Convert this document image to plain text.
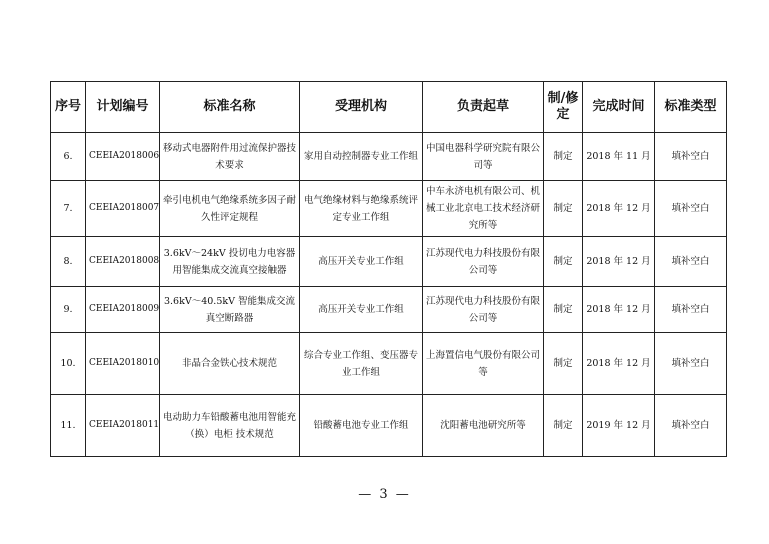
序号	计划编号	标准名称	受理机构	负责起草	制/修定	完成时间	标准类型
6.	CEEIA2018006	移动式电器附件用过流保护器技术要求	家用自动控制器专业工作组	中国电器科学研究院有限公司等	制定	2018 年 11 月	填补空白
7.	CEEIA2018007	牵引电机电气绝缘系统多因子耐久性评定规程	电气绝缘材料与绝缘系统评定专业工作组	中车永济电机有限公司、机械工业北京电工技术经济研究所等	制定	2018 年 12 月	填补空白
8.	CEEIA2018008	3.6kV～24kV 投切电力电容器用智能集成交流真空接触器	高压开关专业工作组	江苏现代电力科技股份有限公司等	制定	2018 年 12 月	填补空白
9.	CEEIA2018009	3.6kV～40.5kV 智能集成交流真空断路器	高压开关专业工作组	江苏现代电力科技股份有限公司等	制定	2018 年 12 月	填补空白
10.	CEEIA2018010	非晶合金铁心技术规范	综合专业工作组、变压器专业工作组	上海置信电气股份有限公司等	制定	2018 年 12 月	填补空白
11.	CEEIA2018011	电动助力车铅酸蓄电池用智能充（换）电柜 技术规范	铅酸蓄电池专业工作组	沈阳蓄电池研究所等	制定	2019 年 12 月	填补空白
— 3 —
